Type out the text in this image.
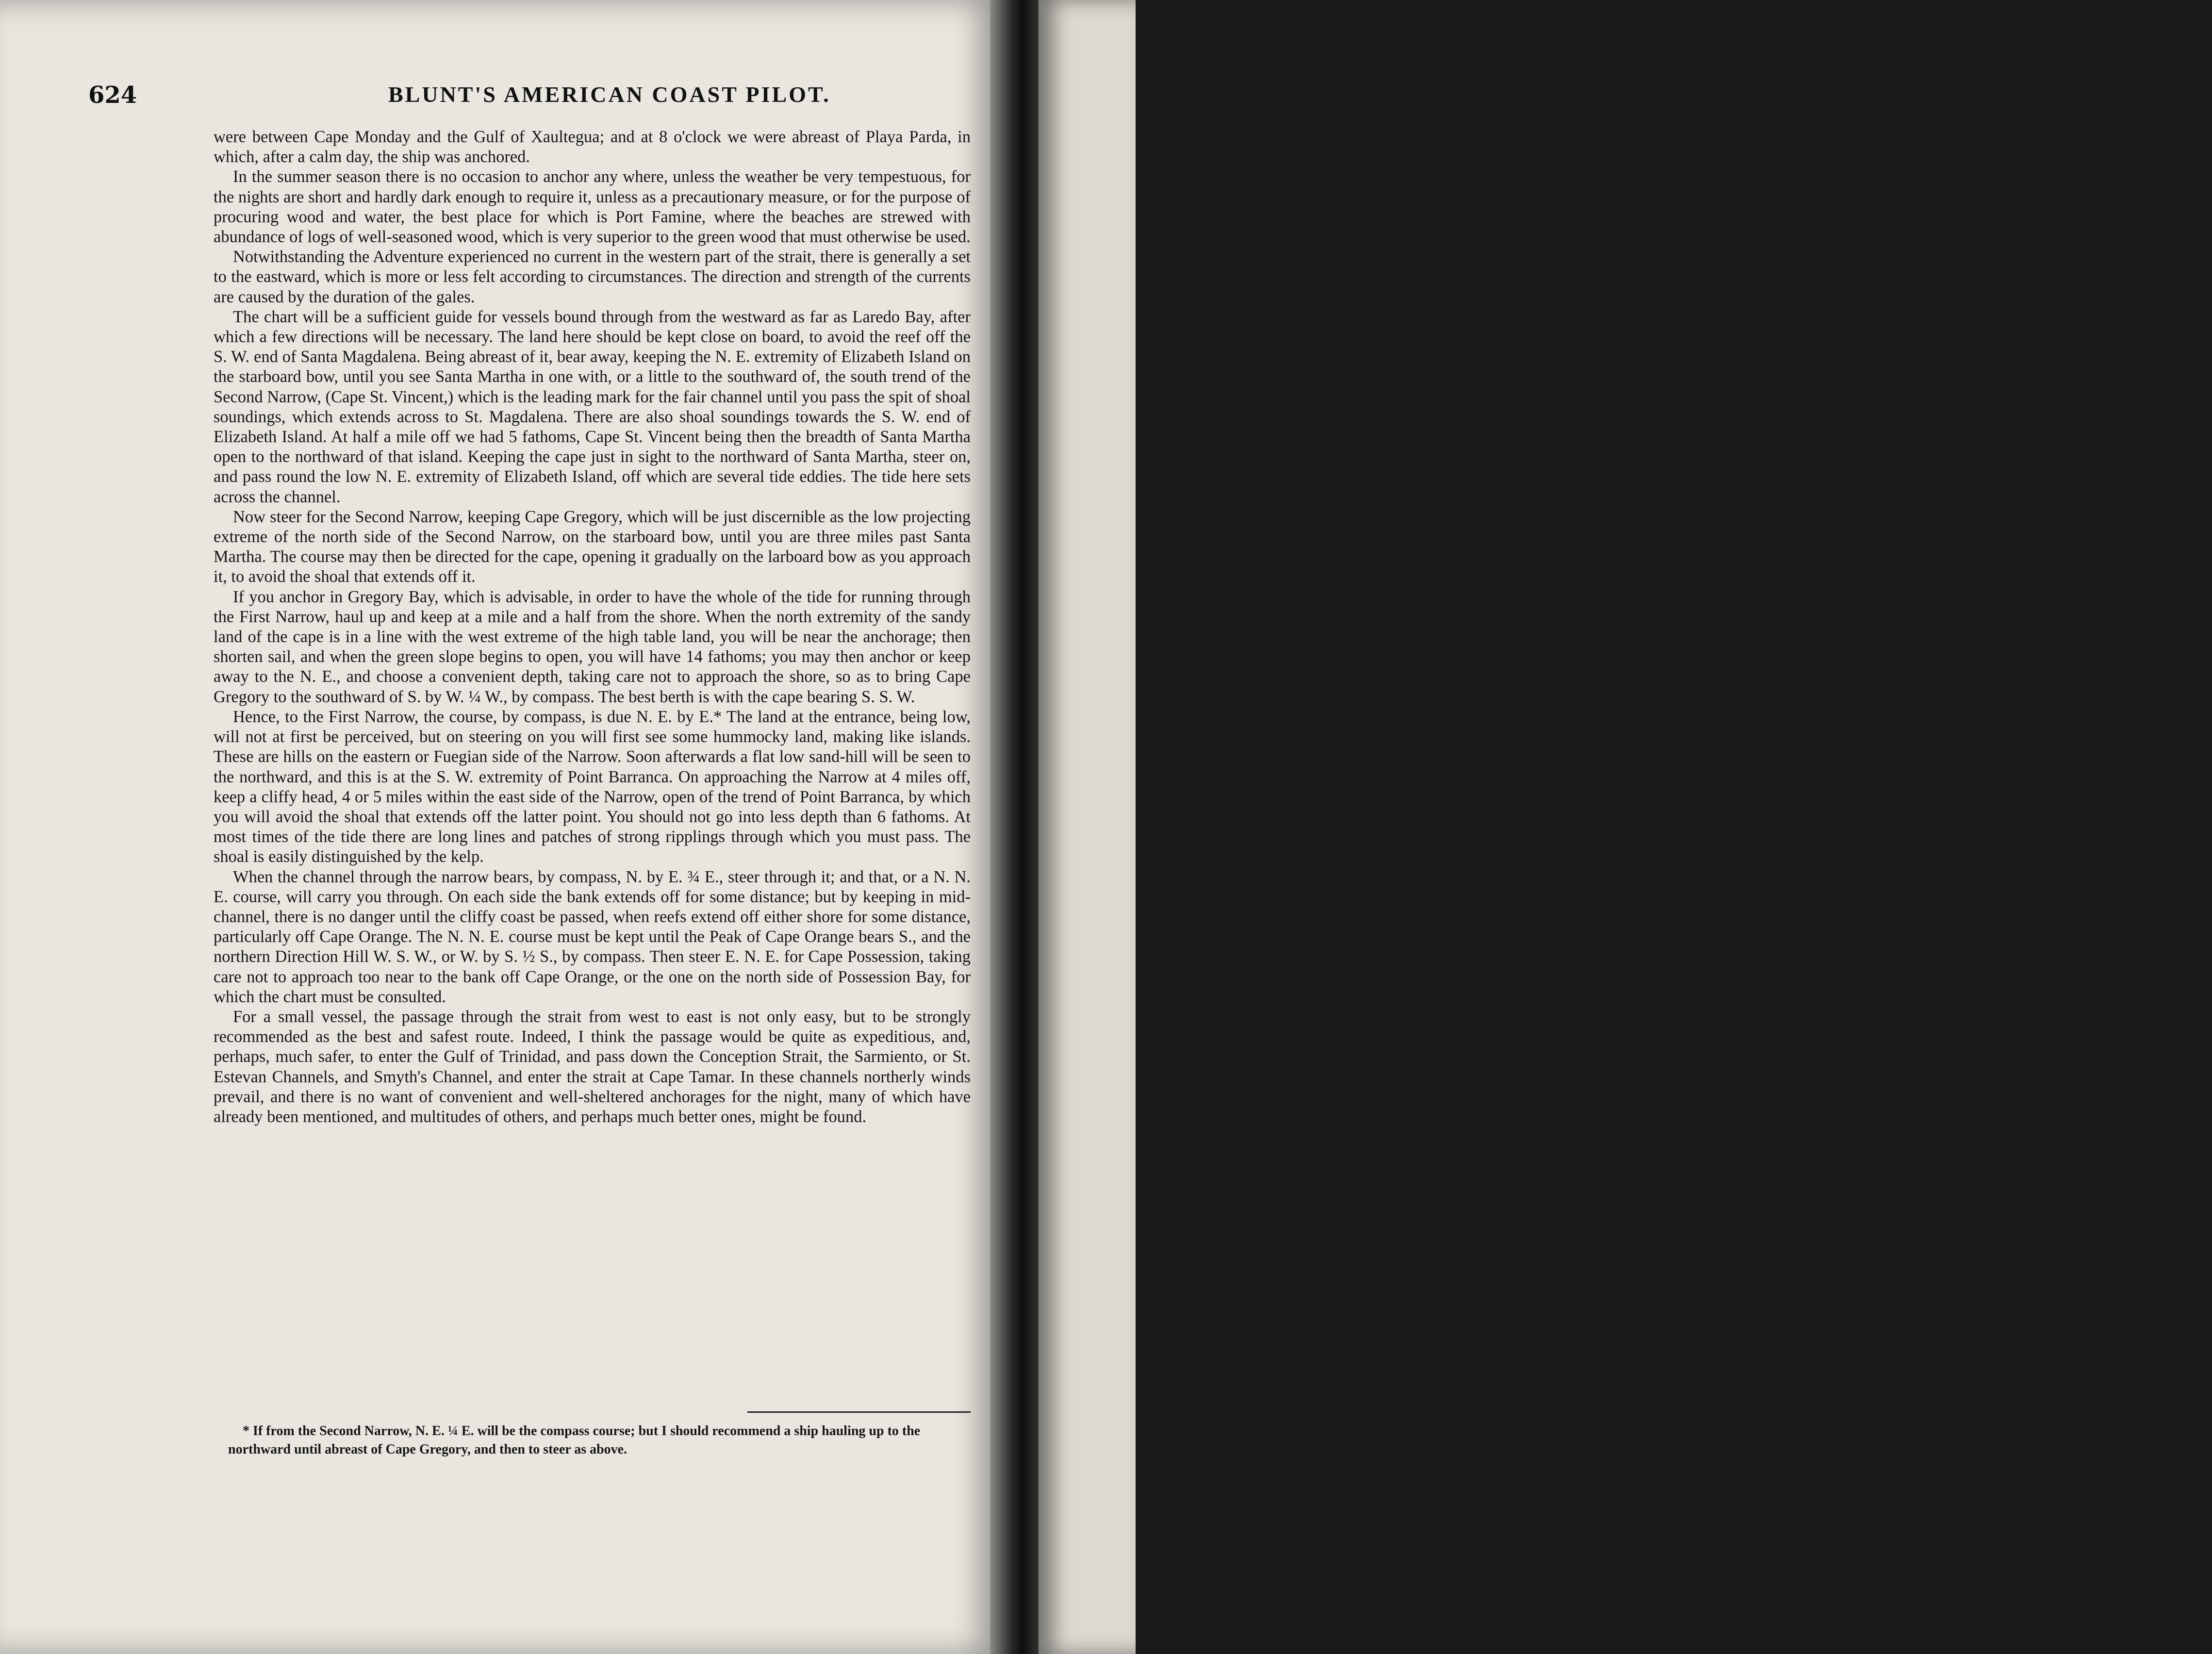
624	BLUNT'S AMERICAN COAST PILOT.

were between Cape Monday and the Gulf of Xaultegua; and at 8 o'clock we were abreast of Playa Parda, in which, after a calm day, the ship was anchored.

In the summer season there is no occasion to anchor any where, unless the weather be very tempestuous, for the nights are short and hardly dark enough to require it, unless as a precautionary measure, or for the purpose of procuring wood and water, the best place for which is Port Famine, where the beaches are strewed with abundance of logs of well-seasoned wood, which is very superior to the green wood that must otherwise be used.

Notwithstanding the Adventure experienced no current in the western part of the strait, there is generally a set to the eastward, which is more or less felt according to circumstances. The direction and strength of the currents are caused by the duration of the gales.

The chart will be a sufficient guide for vessels bound through from the westward as far as Laredo Bay, after which a few directions will be necessary. The land here should be kept close on board, to avoid the reef off the S. W. end of Santa Magdalena. Being abreast of it, bear away, keeping the N. E. extremity of Elizabeth Island on the starboard bow, until you see Santa Martha in one with, or a little to the southward of, the south trend of the Second Narrow, (Cape St. Vincent,) which is the leading mark for the fair channel until you pass the spit of shoal soundings, which extends across to St. Magdalena. There are also shoal soundings towards the S. W. end of Elizabeth Island. At half a mile off we had 5 fathoms, Cape St. Vincent being then the breadth of Santa Martha open to the northward of that island. Keeping the cape just in sight to the northward of Santa Martha, steer on, and pass round the low N. E. extremity of Elizabeth Island, off which are several tide eddies. The tide here sets across the channel.

Now steer for the Second Narrow, keeping Cape Gregory, which will be just discernible as the low projecting extreme of the north side of the Second Narrow, on the starboard bow, until you are three miles past Santa Martha. The course may then be directed for the cape, opening it gradually on the larboard bow as you approach it, to avoid the shoal that extends off it.

If you anchor in Gregory Bay, which is advisable, in order to have the whole of the tide for running through the First Narrow, haul up and keep at a mile and a half from the shore. When the north extremity of the sandy land of the cape is in a line with the west extreme of the high table land, you will be near the anchorage; then shorten sail, and when the green slope begins to open, you will have 14 fathoms; you may then anchor or keep away to the N. E., and choose a convenient depth, taking care not to approach the shore, so as to bring Cape Gregory to the southward of S. by W. ¼ W., by compass. The best berth is with the cape bearing S. S. W.

Hence, to the First Narrow, the course, by compass, is due N. E. by E.* The land at the entrance, being low, will not at first be perceived, but on steering on you will first see some hummocky land, making like islands. These are hills on the eastern or Fuegian side of the Narrow. Soon afterwards a flat low sand-hill will be seen to the northward, and this is at the S. W. extremity of Point Barranca. On approaching the Narrow at 4 miles off, keep a cliffy head, 4 or 5 miles within the east side of the Narrow, open of the trend of Point Barranca, by which you will avoid the shoal that extends off the latter point. You should not go into less depth than 6 fathoms. At most times of the tide there are long lines and patches of strong ripplings through which you must pass. The shoal is easily distinguished by the kelp.

When the channel through the narrow bears, by compass, N. by E. ¾ E., steer through it; and that, or a N. N. E. course, will carry you through. On each side the bank extends off for some distance; but by keeping in mid-channel, there is no danger until the cliffy coast be passed, when reefs extend off either shore for some distance, particularly off Cape Orange. The N. N. E. course must be kept until the Peak of Cape Orange bears S., and the northern Direction Hill W. S. W., or W. by S. ½ S., by compass. Then steer E. N. E. for Cape Possession, taking care not to approach too near to the bank off Cape Orange, or the one on the north side of Possession Bay, for which the chart must be consulted.

For a small vessel, the passage through the strait from west to east is not only easy, but to be strongly recommended as the best and safest route. Indeed, I think the passage would be quite as expeditious, and, perhaps, much safer, to enter the Gulf of Trinidad, and pass down the Conception Strait, the Sarmiento, or St. Estevan Channels, and Smyth's Channel, and enter the strait at Cape Tamar. In these channels northerly winds prevail, and there is no want of convenient and well-sheltered anchorages for the night, many of which have already been mentioned, and multitudes of others, and perhaps much better ones, might be found.

* If from the Second Narrow, N. E. ¼ E. will be the compass course; but I should recommend a ship hauling up to the northward until abreast of Cape Gregory, and then to steer as above.

TIDE is
a day. Th
rises till it
to do so fo
as before.
and when i
The cau
parts of th
a greater fo
site surfac
longer axis
the water,
ridian, follo
the retarda
bays and ch
49m. later c
that the tim
thus calcula
disturbing f
of the sun,
the former ;
attracts the
being at a m
forces. Ac
tides is to th
forces, the t
later in the
attraction.
subjoined.
The tides
these are ca
hours after t
the sun and
raises the w
nearest appr
stances, at o
from the ear
and Septemb
the whole su
continents, is
small inland
the action of
In very high
Observatio
during a gre
from his theo
on account of
earth. With
this kind sho
Ireland, and
London. M
computing th
tions and dist
labor, a chart
these lines bei
high water at
of new moo
Society of Lo
this work.
From obse
times of high
globe, have be
the places, an
